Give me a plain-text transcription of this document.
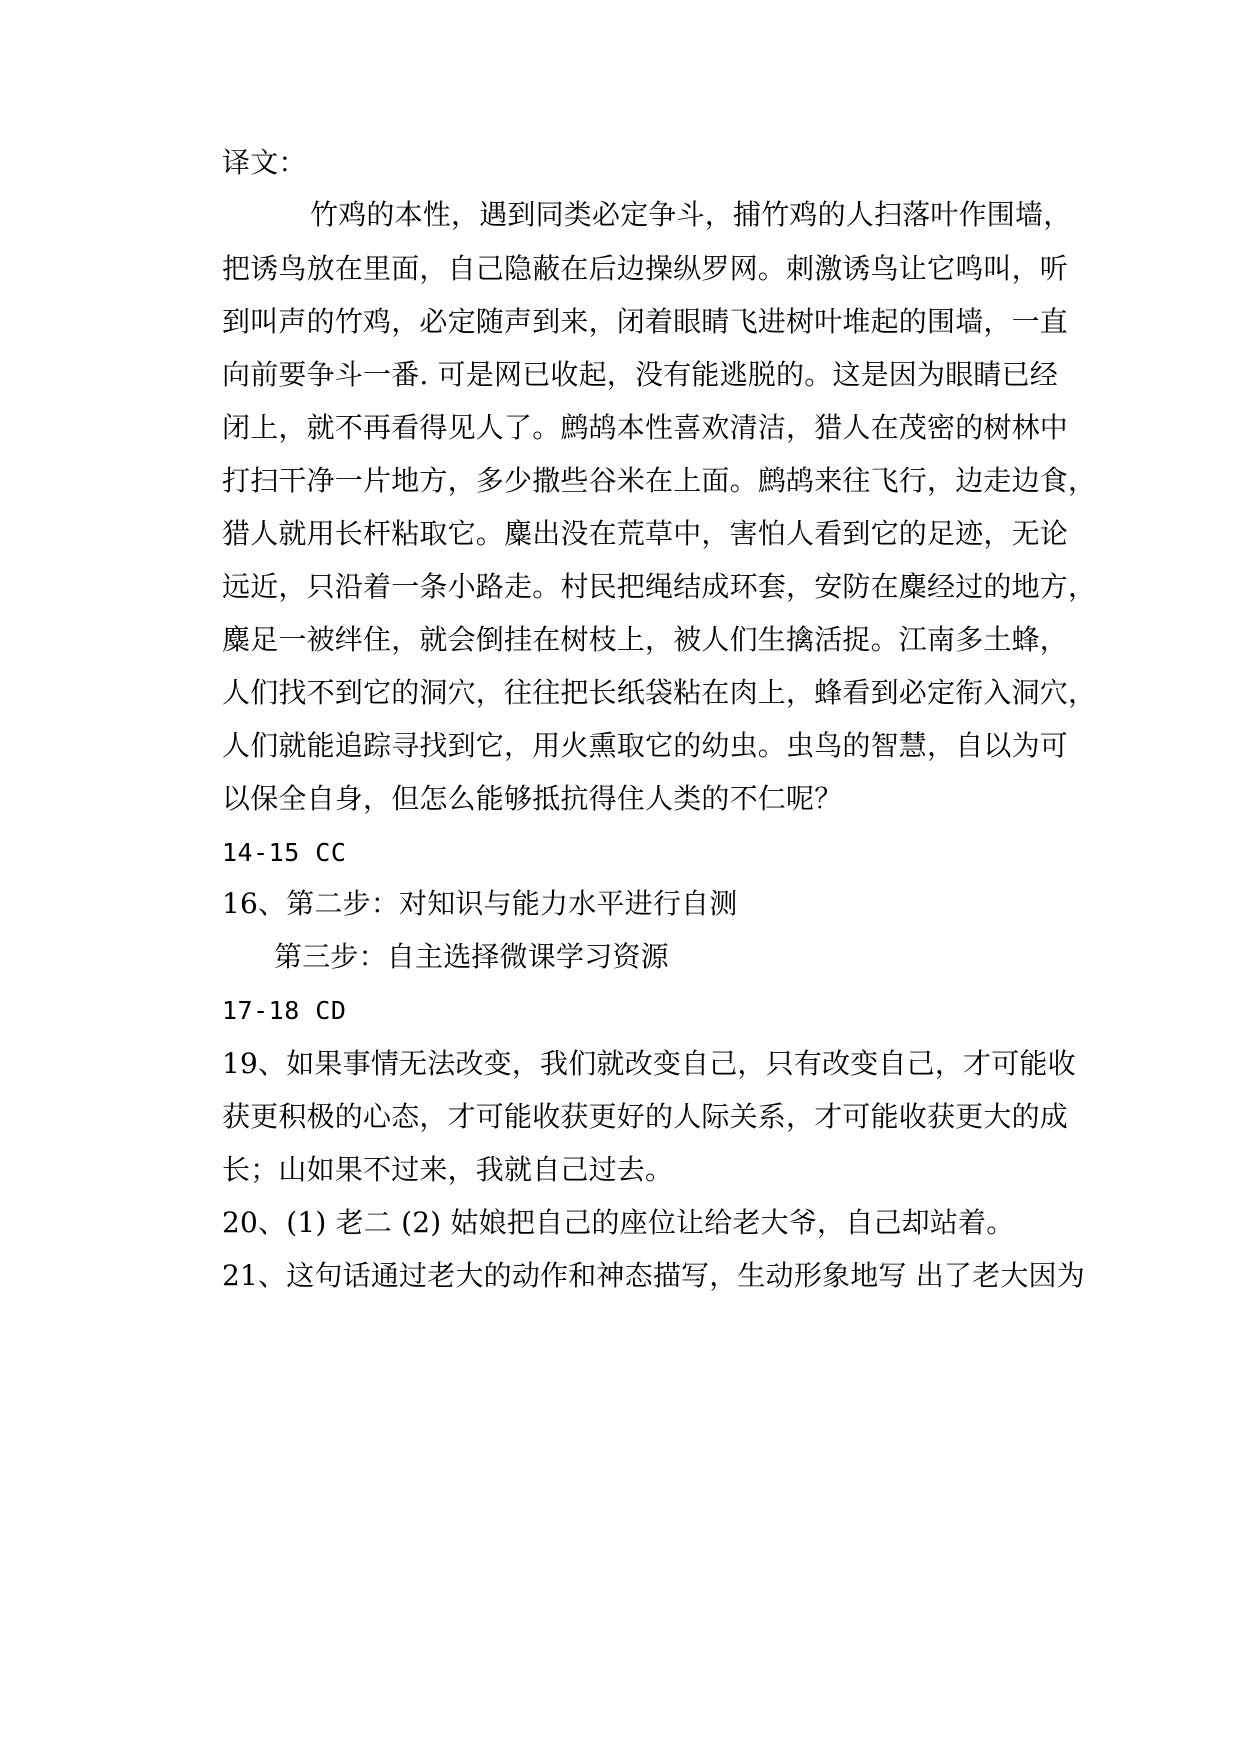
译文：
竹鸡的本性，遇到同类必定争斗，捕竹鸡的人扫落叶作围墙，
把诱鸟放在里面，自己隐蔽在后边操纵罗网。刺激诱鸟让它鸣叫，听
到叫声的竹鸡，必定随声到来，闭着眼睛飞进树叶堆起的围墙，一直
向前要争斗一番. 可是网已收起，没有能逃脱的。这是因为眼睛已经
闭上，就不再看得见人了。鹧鸪本性喜欢清洁，猎人在茂密的树林中
打扫干净一片地方，多少撒些谷米在上面。鹧鸪来往飞行，边走边食，
猎人就用长杆粘取它。麋出没在荒草中，害怕人看到它的足迹，无论
远近，只沿着一条小路走。村民把绳结成环套，安防在麋经过的地方，
麋足一被绊住，就会倒挂在树枝上，被人们生擒活捉。江南多土蜂，
人们找不到它的洞穴，往往把长纸袋粘在肉上，蜂看到必定衔入洞穴，
人们就能追踪寻找到它，用火熏取它的幼虫。虫鸟的智慧，自以为可
以保全自身，但怎么能够抵抗得住人类的不仁呢？
14-15 CC
16、第二步：对知识与能力水平进行自测
第三步：自主选择微课学习资源
17-18 CD
19、如果事情无法改变，我们就改变自己，只有改变自己，才可能收
获更积极的心态，才可能收获更好的人际关系，才可能收获更大的成
长；山如果不过来，我就自己过去。
20、(1) 老二 (2) 姑娘把自己的座位让给老大爷，自己却站着。
21、这句话通过老大的动作和神态描写，生动形象地写 出了老大因为
